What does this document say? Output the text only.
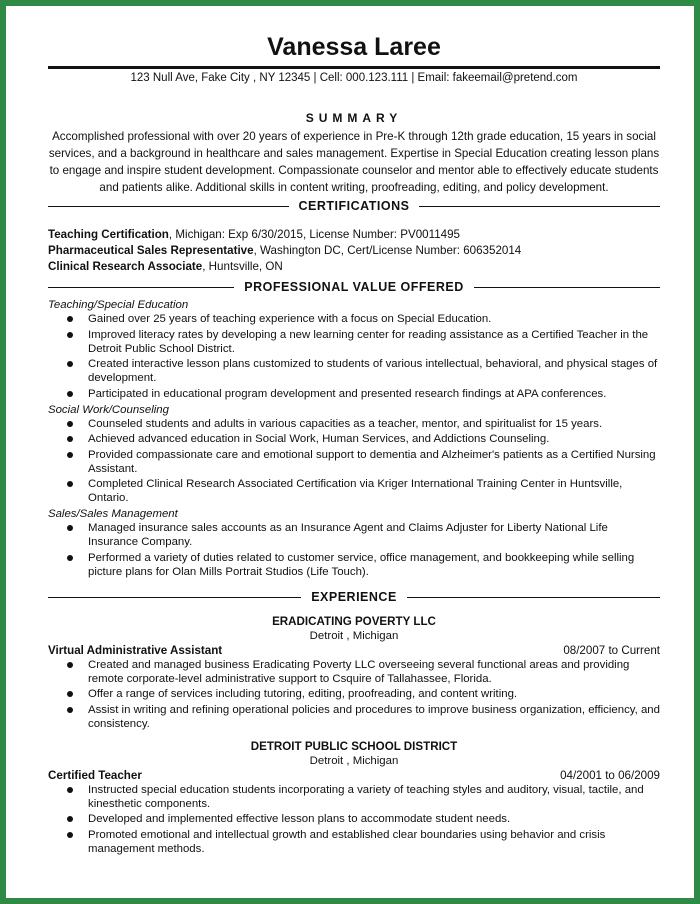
Vanessa Laree
123 Null Ave, Fake City , NY 12345 | Cell: 000.123.111 | Email: fakeemail@pretend.com
SUMMARY
Accomplished professional with over 20 years of experience in Pre-K through 12th grade education, 15 years in social services, and a background in healthcare and sales management. Expertise in Special Education creating lesson plans to engage and inspire student development. Compassionate counselor and mentor able to effectively educate students and patients alike. Additional skills in content writing, proofreading, editing, and policy development.
CERTIFICATIONS
Teaching Certification, Michigan: Exp 6/30/2015, License Number: PV0011495
Pharmaceutical Sales Representative, Washington DC, Cert/License Number: 606352014
Clinical Research Associate, Huntsville, ON
PROFESSIONAL VALUE OFFERED
Teaching/Special Education
Gained over 25 years of teaching experience with a focus on Special Education.
Improved literacy rates by developing a new learning center for reading assistance as a Certified Teacher in the Detroit Public School District.
Created interactive lesson plans customized to students of various intellectual, behavioral, and physical stages of development.
Participated in educational program development and presented research findings at APA conferences.
Social Work/Counseling
Counseled students and adults in various capacities as a teacher, mentor, and spiritualist for 15 years.
Achieved advanced education in Social Work, Human Services, and Addictions Counseling.
Provided compassionate care and emotional support to dementia and Alzheimer's patients as a Certified Nursing Assistant.
Completed Clinical Research Associated Certification via Kriger International Training Center in Huntsville, Ontario.
Sales/Sales Management
Managed insurance sales accounts as an Insurance Agent and Claims Adjuster for Liberty National Life Insurance Company.
Performed a variety of duties related to customer service, office management, and bookkeeping while selling picture plans for Olan Mills Portrait Studios (Life Touch).
EXPERIENCE
ERADICATING POVERTY LLC
Detroit , Michigan
Virtual Administrative Assistant	08/2007 to Current
Created and managed business Eradicating Poverty LLC overseeing several functional areas and providing remote corporate-level administrative support to Csquire of Tallahassee, Florida.
Offer a range of services including tutoring, editing, proofreading, and content writing.
Assist in writing and refining operational policies and procedures to improve business organization, efficiency, and consistency.
DETROIT PUBLIC SCHOOL DISTRICT
Detroit , Michigan
Certified Teacher	04/2001 to 06/2009
Instructed special education students incorporating a variety of teaching styles and auditory, visual, tactile, and kinesthetic components.
Developed and implemented effective lesson plans to accommodate student needs.
Promoted emotional and intellectual growth and established clear boundaries using behavior and crisis management methods.
